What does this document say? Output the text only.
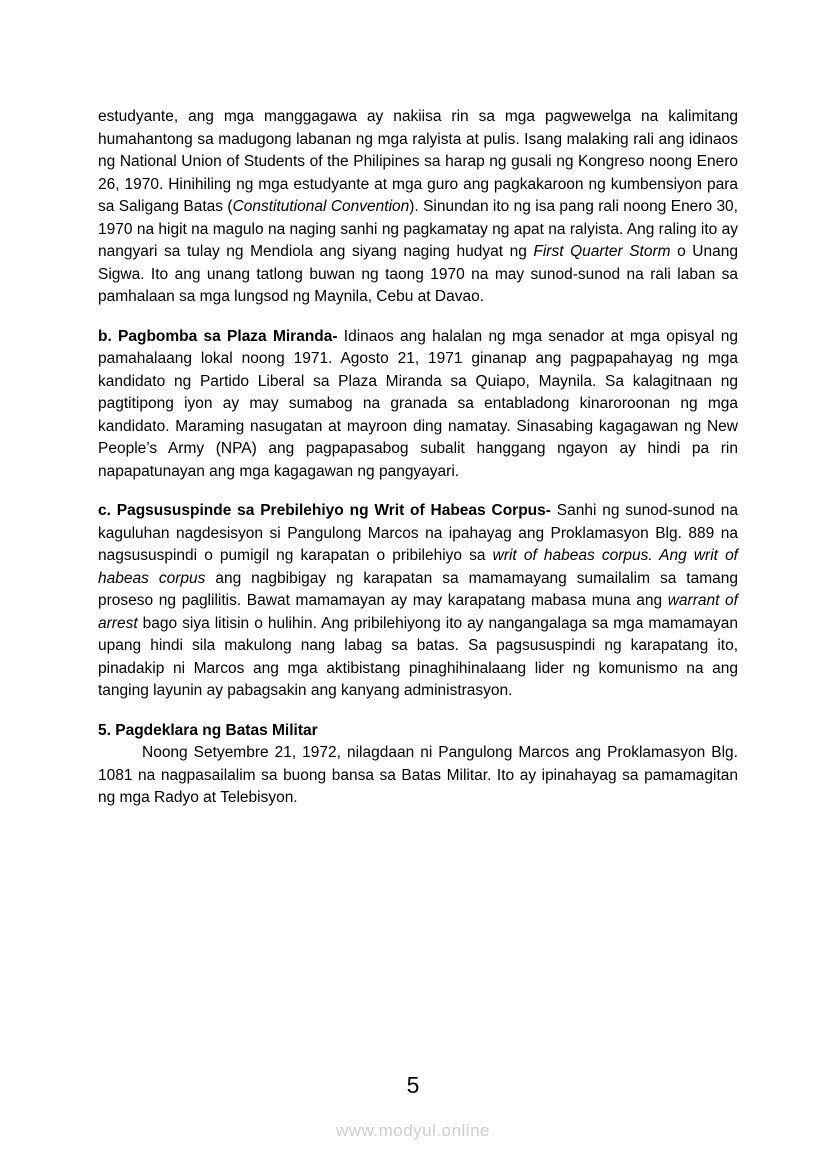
estudyante, ang mga manggagawa ay nakiisa rin sa mga pagwewelga na kalimitang humahantong sa madugong labanan ng mga ralyista at pulis. Isang malaking rali ang idinaos ng National Union of Students of the Philipines sa harap ng gusali ng Kongreso noong Enero 26, 1970. Hinihiling ng mga estudyante at mga guro ang pagkakaroon ng kumbensiyon para sa Saligang Batas (Constitutional Convention). Sinundan ito ng isa pang rali noong Enero 30, 1970 na higit na magulo na naging sanhi ng pagkamatay ng apat na ralyista. Ang raling ito ay nangyari sa tulay ng Mendiola ang siyang naging hudyat ng First Quarter Storm o Unang Sigwa. Ito ang unang tatlong buwan ng taong 1970 na may sunod-sunod na rali laban sa pamhalaan sa mga lungsod ng Maynila, Cebu at Davao.

b. Pagbomba sa Plaza Miranda- Idinaos ang halalan ng mga senador at mga opisyal ng pamahalaang lokal noong 1971. Agosto 21, 1971 ginanap ang pagpapahayag ng mga kandidato ng Partido Liberal sa Plaza Miranda sa Quiapo, Maynila. Sa kalagitnaan ng pagtitipong iyon ay may sumabog na granada sa entabladong kinaroroonan ng mga kandidato. Maraming nasugatan at mayroon ding namatay. Sinasabing kagagawan ng New People’s Army (NPA) ang pagpapasabog subalit hanggang ngayon ay hindi pa rin napapatunayan ang mga kagagawan ng pangyayari.

c. Pagsususpinde sa Prebilehiyo ng Writ of Habeas Corpus- Sanhi ng sunod-sunod na kaguluhan nagdesisyon si Pangulong Marcos na ipahayag ang Proklamasyon Blg. 889 na nagsususpindi o pumigil ng karapatan o pribilehiyo sa writ of habeas corpus. Ang writ of habeas corpus ang nagbibigay ng karapatan sa mamamayang sumailalim sa tamang proseso ng paglilitis. Bawat mamamayan ay may karapatang mabasa muna ang warrant of arrest bago siya litisin o hulihin. Ang pribilehiyong ito ay nangangalaga sa mga mamamayan upang hindi sila makulong nang labag sa batas. Sa pagsususpindi ng karapatang ito, pinadakip ni Marcos ang mga aktibistang pinaghihinalaang lider ng komunismo na ang tanging layunin ay pabagsakin ang kanyang administrasyon.

5. Pagdeklara ng Batas Militar

Noong Setyembre 21, 1972, nilagdaan ni Pangulong Marcos ang Proklamasyon Blg. 1081 na nagpasailalim sa buong bansa sa Batas Militar. Ito ay ipinahayag sa pamamagitan ng mga Radyo at Telebisyon.

5
www.modyul.online
